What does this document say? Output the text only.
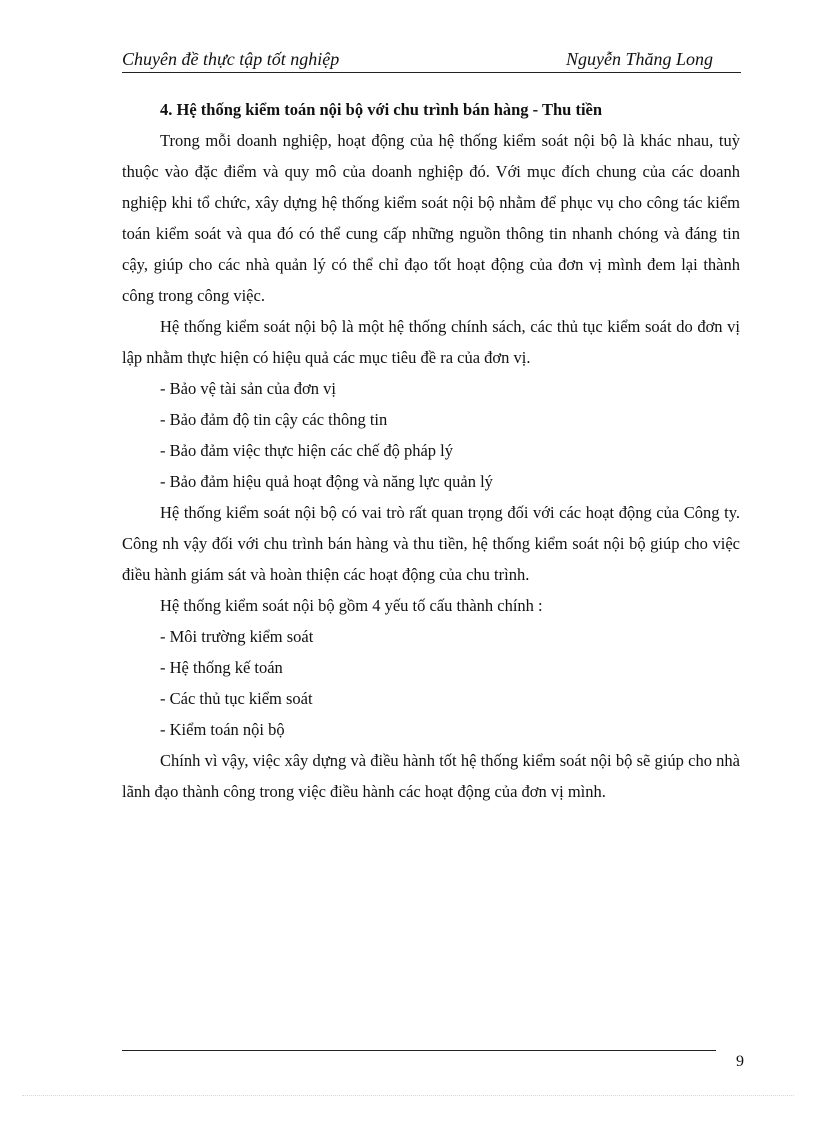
Chuyên đề thực tập tốt nghiệp	Nguyễn Thăng Long
4. Hệ thống kiểm toán nội bộ với chu trình bán hàng - Thu tiền

Trong mỗi doanh nghiệp, hoạt động của hệ thống kiểm soát nội bộ là khác nhau, tuỳ thuộc vào đặc điểm và quy mô của doanh nghiệp đó. Với mục đích chung của các doanh nghiệp khi tổ chức, xây dựng hệ thống kiểm soát nội bộ nhằm để phục vụ cho công tác kiểm toán kiểm soát và qua đó có thể cung cấp những nguồn thông tin nhanh chóng và đáng tin cậy, giúp cho các nhà quản lý có thể chỉ đạo tốt hoạt động của đơn vị mình đem lại thành công trong công việc.

Hệ thống kiểm soát nội bộ là một hệ thống chính sách, các thủ tục kiểm soát do đơn vị lập nhằm thực hiện có hiệu quả các mục tiêu đề ra của đơn vị.

- Bảo vệ tài sản của đơn vị
- Bảo đảm độ tin cậy các thông tin
- Bảo đảm việc thực hiện các chế độ pháp lý
- Bảo đảm hiệu quả hoạt động và năng lực quản lý

Hệ thống kiểm soát nội bộ có vai trò rất quan trọng đối với các hoạt động của Công ty. Công nh vậy đối với chu trình bán hàng và thu tiền, hệ thống kiểm soát nội bộ giúp cho việc điều hành giám sát và hoàn thiện các hoạt động của chu trình.

Hệ thống kiểm soát nội bộ gồm 4 yếu tố cấu thành chính :

- Môi trường kiểm soát
- Hệ thống kế toán
- Các thủ tục kiểm soát
- Kiểm toán nội bộ

Chính vì vậy, việc xây dựng và điều hành tốt hệ thống kiểm soát nội bộ sẽ giúp cho nhà lãnh đạo thành công trong việc điều hành các hoạt động của đơn vị mình.

9
